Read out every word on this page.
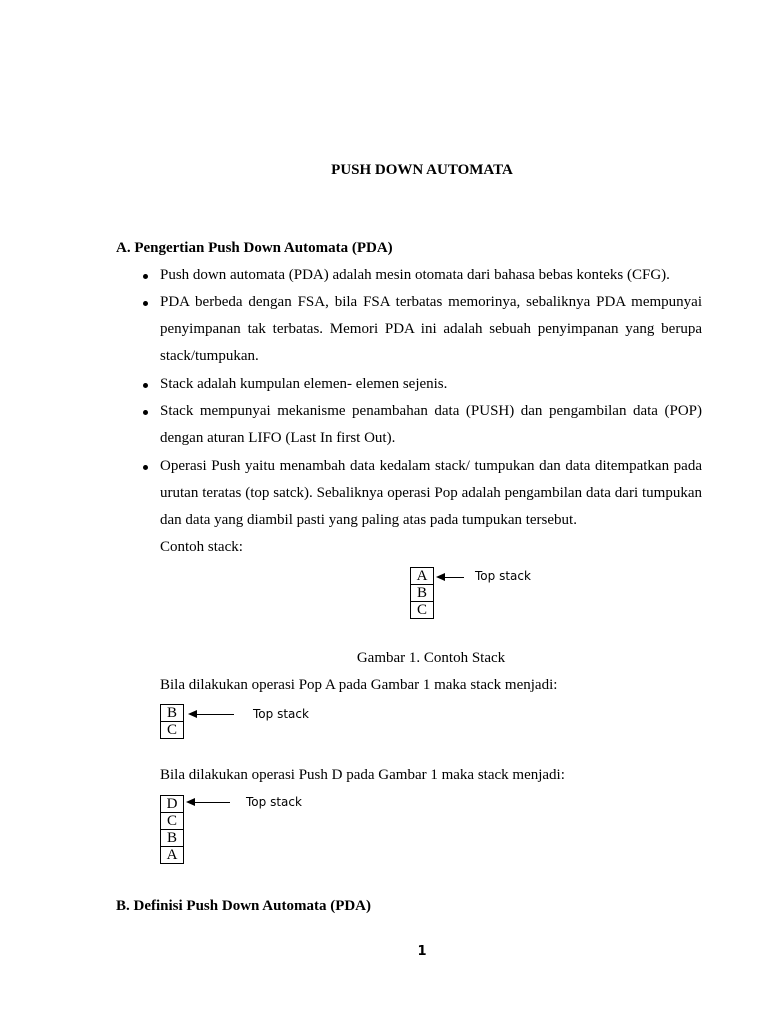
PUSH DOWN AUTOMATA
A. Pengertian Push Down Automata (PDA)
Push down automata (PDA) adalah mesin otomata dari bahasa bebas konteks (CFG).
PDA berbeda dengan FSA, bila FSA terbatas memorinya, sebaliknya PDA mempunyai
penyimpanan tak terbatas. Memori PDA ini adalah sebuah penyimpanan yang berupa
stack/tumpukan.
Stack adalah kumpulan elemen- elemen sejenis.
Stack mempunyai mekanisme penambahan data (PUSH) dan pengambilan data (POP)
dengan aturan LIFO (Last In first Out).
Operasi Push yaitu menambah data kedalam stack/ tumpukan dan data ditempatkan pada
urutan teratas (top satck). Sebaliknya operasi Pop adalah pengambilan data dari tumpukan
dan data yang diambil pasti yang paling atas pada tumpukan tersebut.
Contoh stack:
A
B
C
Top stack
Gambar 1. Contoh Stack
Bila dilakukan operasi Pop A pada Gambar 1 maka stack menjadi:
B
C
Top stack
Bila dilakukan operasi Push D pada Gambar 1 maka stack menjadi:
D
C
B
A
Top stack
B. Definisi Push Down Automata (PDA)
1
